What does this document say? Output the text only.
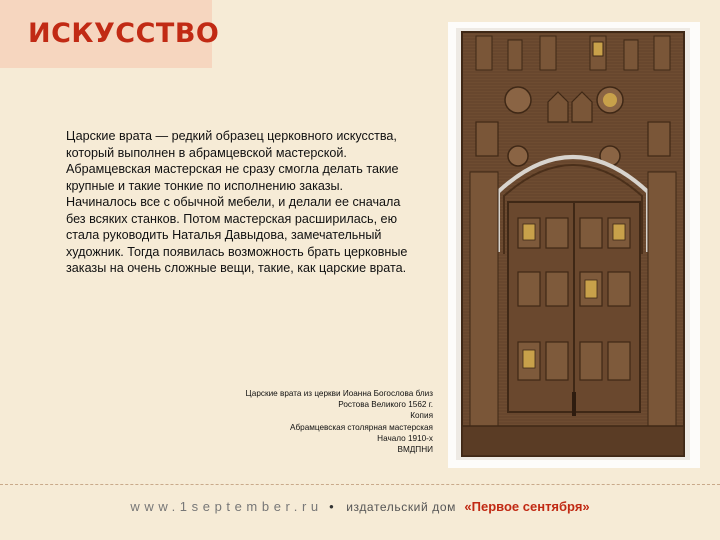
ИСКУССТВО

Царские врата — редкий образец церковного искусства, который выполнен в абрамцевской мастерской.

Абрамцевская мастерская не сразу смогла делать такие крупные и такие тонкие по исполнению заказы. Начиналось все с обычной мебели, и делали ее сначала без всяких станков. Потом мастерская расширилась, ею стала руководить Наталья Давыдова, замечательный художник. Тогда появилась возможность брать церковные заказы на очень сложные вещи, такие, как царские врата.

Царские врата из церкви Иоанна Богослова близ
Ростова Великого 1562 г.
Копия
Абрамцевская столярная мастерская
Начало 1910-х
ВМДПНИ
www.1september.ru • издательский дом «Первое сентября»
